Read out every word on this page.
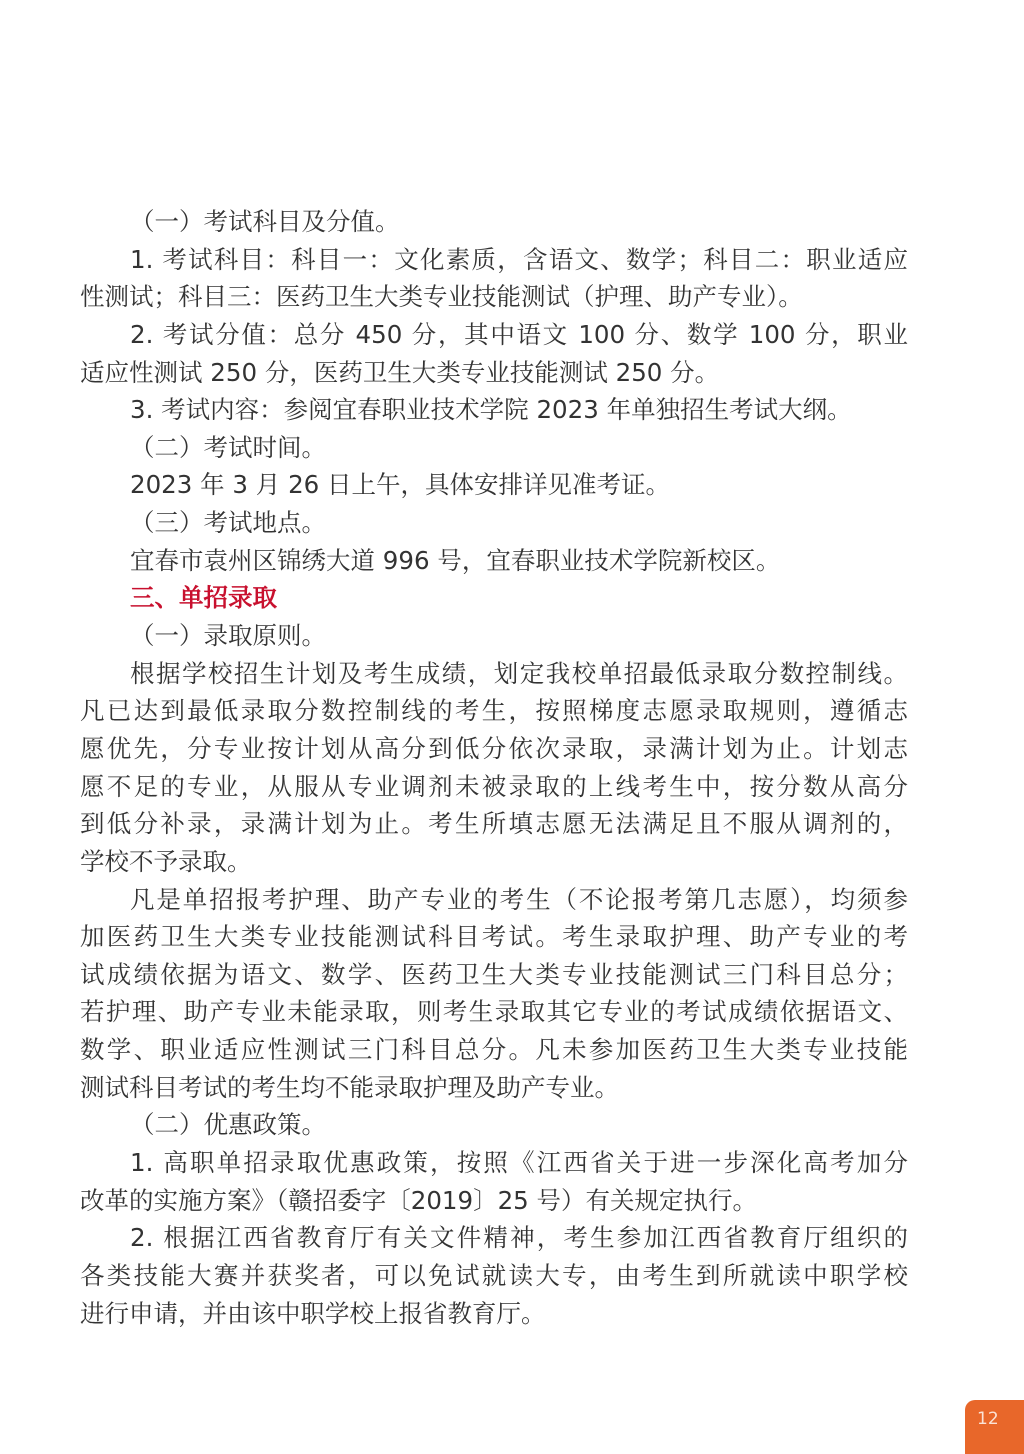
（一）考试科目及分值。
1. 考试科目：科目一：文化素质，含语文、数学；科目二：职业适应
性测试；科目三：医药卫生大类专业技能测试（护理、助产专业）。
2. 考试分值：总分 450 分，其中语文 100 分、数学 100 分，职业
适应性测试 250 分，医药卫生大类专业技能测试 250 分。
3. 考试内容：参阅宜春职业技术学院 2023 年单独招生考试大纲。
（二）考试时间。
2023 年 3 月 26 日上午，具体安排详见准考证。
（三）考试地点。
宜春市袁州区锦绣大道 996 号，宜春职业技术学院新校区。
三、单招录取
（一）录取原则。
根据学校招生计划及考生成绩，划定我校单招最低录取分数控制线。
凡已达到最低录取分数控制线的考生，按照梯度志愿录取规则，遵循志
愿优先，分专业按计划从高分到低分依次录取，录满计划为止。计划志
愿不足的专业，从服从专业调剂未被录取的上线考生中，按分数从高分
到低分补录，录满计划为止。考生所填志愿无法满足且不服从调剂的，
学校不予录取。
凡是单招报考护理、助产专业的考生（不论报考第几志愿），均须参
加医药卫生大类专业技能测试科目考试。考生录取护理、助产专业的考
试成绩依据为语文、数学、医药卫生大类专业技能测试三门科目总分；
若护理、助产专业未能录取，则考生录取其它专业的考试成绩依据语文、
数学、职业适应性测试三门科目总分。凡未参加医药卫生大类专业技能
测试科目考试的考生均不能录取护理及助产专业。
（二）优惠政策。
1. 高职单招录取优惠政策，按照《江西省关于进一步深化高考加分
改革的实施方案》（赣招委字〔2019〕25 号）有关规定执行。
2. 根据江西省教育厅有关文件精神，考生参加江西省教育厅组织的
各类技能大赛并获奖者，可以免试就读大专，由考生到所就读中职学校
进行申请，并由该中职学校上报省教育厅。
12
